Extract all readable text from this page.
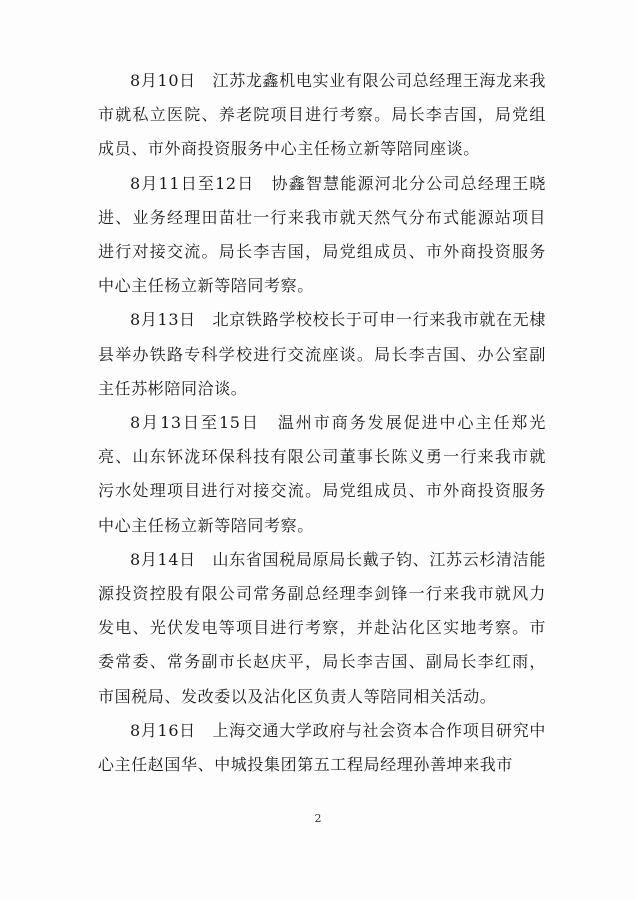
8月10日　江苏龙鑫机电实业有限公司总经理王海龙来我市就私立医院、养老院项目进行考察。局长李吉国，局党组成员、市外商投资服务中心主任杨立新等陪同座谈。

8月11日至12日　协鑫智慧能源河北分公司总经理王晓进、业务经理田苗壮一行来我市就天然气分布式能源站项目进行对接交流。局长李吉国，局党组成员、市外商投资服务中心主任杨立新等陪同考察。

8月13日　北京铁路学校校长于可申一行来我市就在无棣县举办铁路专科学校进行交流座谈。局长李吉国、办公室副主任苏彬陪同洽谈。

8月13日至15日　温州市商务发展促进中心主任郑光亮、山东钚泷环保科技有限公司董事长陈义勇一行来我市就污水处理项目进行对接交流。局党组成员、市外商投资服务中心主任杨立新等陪同考察。

8月14日　山东省国税局原局长戴子钧、江苏云杉清洁能源投资控股有限公司常务副总经理李剑锋一行来我市就风力发电、光伏发电等项目进行考察，并赴沾化区实地考察。市委常委、常务副市长赵庆平，局长李吉国、副局长李红雨，市国税局、发改委以及沾化区负责人等陪同相关活动。

8月16日　上海交通大学政府与社会资本合作项目研究中心主任赵国华、中城投集团第五工程局经理孙善坤来我市

2
